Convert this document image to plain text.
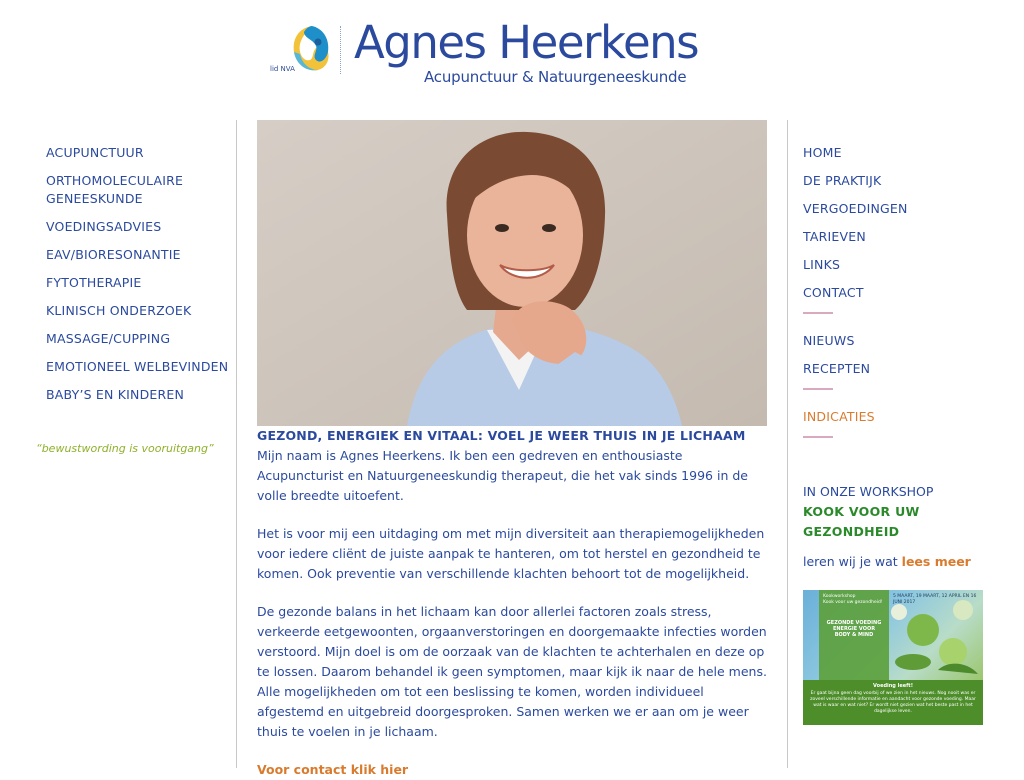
lid NVA Agnes Heerkens
Acupunctuur & Natuurgeneeskunde
ACUPUNCTUUR
ORTHOMOLECULAIRE GENEESKUNDE
VOEDINGSADVIES
EAV/BIORESONANTIE
FYTOTHERAPIE
KLINISCH ONDERZOEK
MASSAGE/CUPPING
EMOTIONEEL WELBEVINDEN
BABY’S EN KINDEREN
“bewustwording is vooruitgang”
GEZOND, ENERGIEK EN VITAAL: VOEL JE WEER THUIS IN JE LICHAAM

Mijn naam is Agnes Heerkens. Ik ben een gedreven en enthousiaste Acupuncturist en Natuurgeneeskundig therapeut, die het vak sinds 1996 in de volle breedte uitoefent.

Het is voor mij een uitdaging om met mijn diversiteit aan therapiemogelijkheden voor iedere cliënt de juiste aanpak te hanteren, om tot herstel en gezondheid te komen. Ook preventie van verschillende klachten behoort tot de mogelijkheid.

De gezonde balans in het lichaam kan door allerlei factoren zoals stress, verkeerde eetgewoonten, orgaanverstoringen en doorgemaakte infecties worden verstoord. Mijn doel is om de oorzaak van de klachten te achterhalen en deze op te lossen. Daarom behandel ik geen symptomen, maar kijk ik naar de hele mens. Alle mogelijkheden om tot een beslissing te komen, worden individueel afgestemd en uitgebreid doorgesproken. Samen werken we er aan om je weer thuis te voelen in je lichaam.

Voor contact klik hier
HOME
DE PRAKTIJK
VERGOEDINGEN
TARIEVEN
LINKS
CONTACT
NIEUWS
RECEPTEN
INDICATIES
IN ONZE WORKSHOP
KOOK VOOR UW GEZONDHEID
leren wij je wat lees meer
Kookworkshop
Kook voor uw gezondheid!
GEZONDE VOEDING
ENERGIE VOOR
BODY & MIND
5 MAART, 19 MAART, 12 APRIL EN 16 JUNI 2017
Voeding leeft!
Er gaat bijna geen dag voorbij of we zien in het nieuws. Nog nooit was er zoveel verschillende informatie en aandacht voor gezonde voeding. Maar wat is waar en wat niet? Er wordt niet gezien wat het beste past in het dagelijkse leven.
